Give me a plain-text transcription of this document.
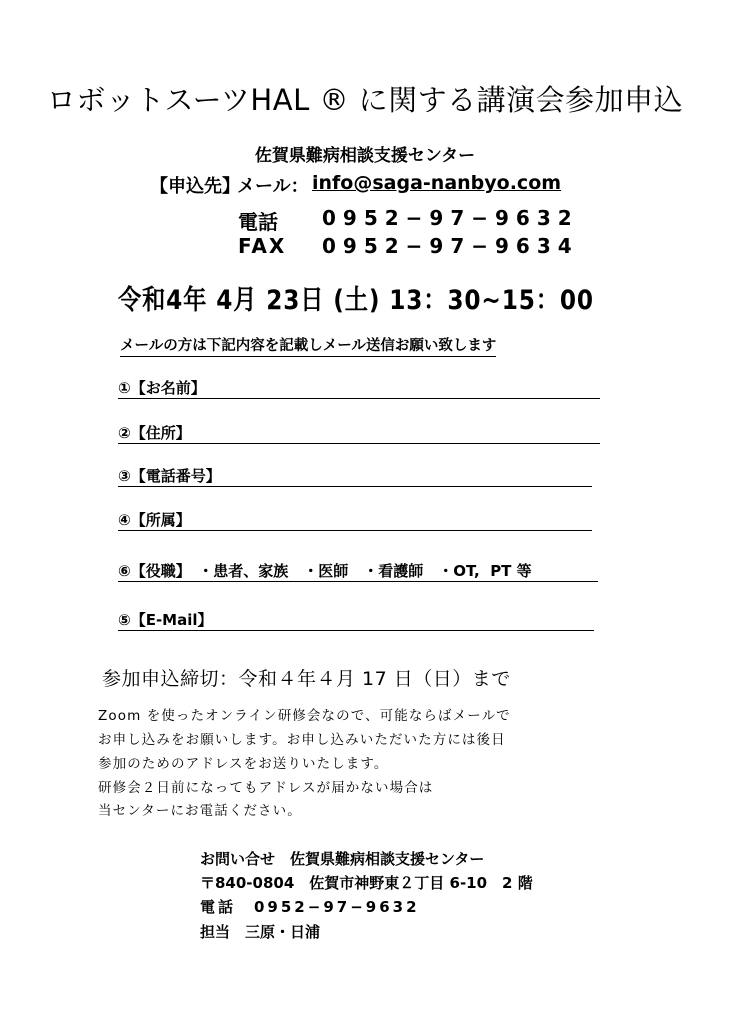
ロボットスーツHAL ® に関する講演会参加申込
佐賀県難病相談支援センター
【申込先】
メール： info@saga-nanbyo.com
電話 0952−97−9632
FAX 0952−97−9634
令和4年 4月 23日 (土) 13：30~15：00
メールの方は下記内容を記載しメール送信お願い致します
①【お名前】
②【住所】
③【電話番号】
④【所属】
⑥【役職】　・患者、家族　・医師　・看護師　・OT,  PT 等
⑤【E-Mail】
参加申込締切：令和４年４月 17 日（日）まで
Zoom を使ったオンライン研修会なので、可能ならばメールで
お申し込みをお願いします。お申し込みいただいた方には後日
参加のためのアドレスをお送りいたします。
研修会２日前になってもアドレスが届かない場合は
当センターにお電話ください。
お問い合せ　佐賀県難病相談支援センター
〒840-0804　佐賀市神野東２丁目 6-10　2 階
電話　0952−97−9632
担当　三原・日浦
